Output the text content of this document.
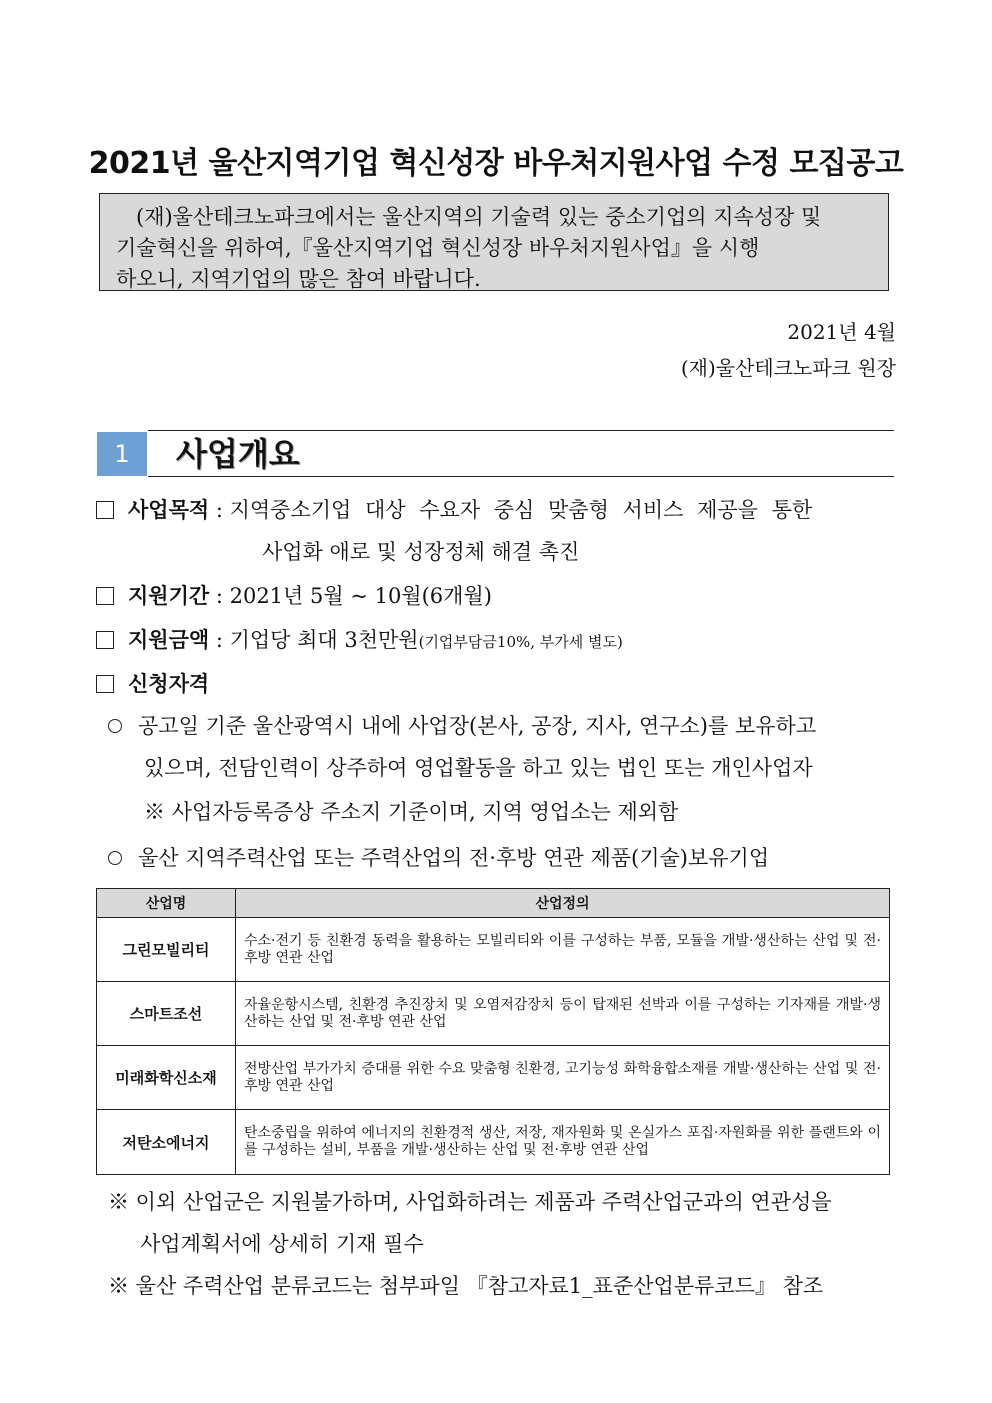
2021년 울산지역기업 혁신성장 바우처지원사업 수정 모집공고
(재)울산테크노파크에서는 울산지역의 기술력 있는 중소기업의 지속성장 및
기술혁신을 위하여,『울산지역기업 혁신성장 바우처지원사업』을 시행
하오니, 지역기업의 많은 참여 바랍니다.
2021년 4월
(재)울산테크노파크 원장
1	사업개요
사업목적 : 지역중소기업 대상 수요자 중심 맞춤형 서비스 제공을 통한
사업화 애로 및 성장정체 해결 촉진
지원기간 : 2021년 5월 ~ 10월(6개월)
지원금액 : 기업당 최대 3천만원(기업부담금10%, 부가세 별도)
신청자격
공고일 기준 울산광역시 내에 사업장(본사, 공장, 지사, 연구소)를 보유하고
있으며, 전담인력이 상주하여 영업활동을 하고 있는 법인 또는 개인사업자
※ 사업자등록증상 주소지 기준이며, 지역 영업소는 제외함
울산 지역주력산업 또는 주력산업의 전·후방 연관 제품(기술)보유기업
산업명	산업정의
그린모빌리티	수소·전기 등 친환경 동력을 활용하는 모빌리티와 이를 구성하는 부품, 모듈을 개발·생산하는 산업 및 전·후방 연관 산업
스마트조선	자율운항시스템, 친환경 추진장치 및 오염저감장치 등이 탑재된 선박과 이를 구성하는 기자재를 개발·생산하는 산업 및 전·후방 연관 산업
미래화학신소재	전방산업 부가가치 증대를 위한 수요 맞춤형 친환경, 고기능성 화학융합소재를 개발·생산하는 산업 및 전·후방 연관 산업
저탄소에너지	탄소중립을 위하여 에너지의 친환경적 생산, 저장, 재자원화 및 온실가스 포집·자원화를 위한 플랜트와 이를 구성하는 설비, 부품을 개발·생산하는 산업 및 전·후방 연관 산업
※ 이외 산업군은 지원불가하며, 사업화하려는 제품과 주력산업군과의 연관성을
사업계획서에 상세히 기재 필수
※ 울산 주력산업 분류코드는 첨부파일 『참고자료1_표준산업분류코드』 참조
